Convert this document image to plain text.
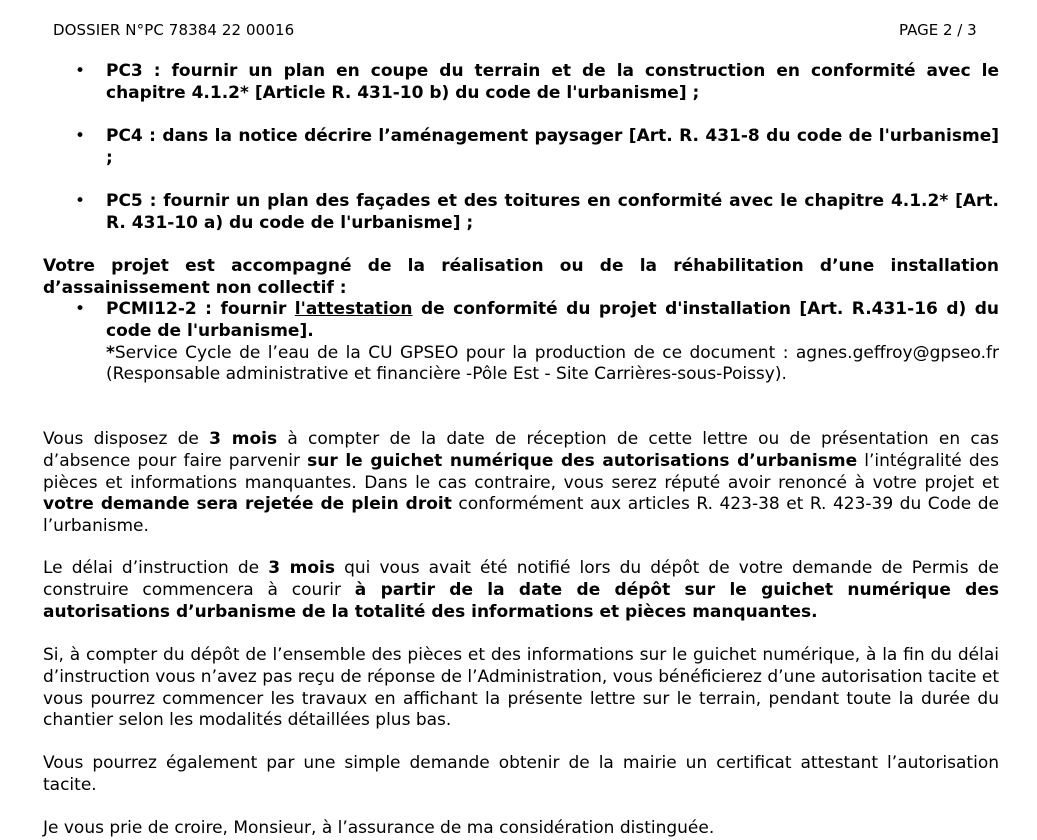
DOSSIER N°PC 78384 22 00016	PAGE 2 / 3
• PC3 : fournir un plan en coupe du terrain et de la construction en conformité avec le chapitre 4.1.2* [Article R. 431-10 b) du code de l'urbanisme] ;
• PC4 : dans la notice décrire l’aménagement paysager [Art. R. 431-8 du code de l'urbanisme] ;
• PC5 : fournir un plan des façades et des toitures en conformité avec le chapitre 4.1.2* [Art. R. 431-10 a) du code de l'urbanisme] ;
Votre projet est accompagné de la réalisation ou de la réhabilitation d’une installation d’assainissement non collectif :
• PCMI12-2 : fournir l'attestation de conformité du projet d'installation [Art. R.431-16 d) du code de l'urbanisme].
*Service Cycle de l’eau de la CU GPSEO pour la production de ce document : agnes.geffroy@gpseo.fr (Responsable administrative et financière -Pôle Est - Site Carrières-sous-Poissy).
Vous disposez de 3 mois à compter de la date de réception de cette lettre ou de présentation en cas d’absence pour faire parvenir sur le guichet numérique des autorisations d’urbanisme l’intégralité des pièces et informations manquantes. Dans le cas contraire, vous serez réputé avoir renoncé à votre projet et votre demande sera rejetée de plein droit conformément aux articles R. 423-38 et R. 423-39 du Code de l’urbanisme.
Le délai d’instruction de 3 mois qui vous avait été notifié lors du dépôt de votre demande de Permis de construire commencera à courir à partir de la date de dépôt sur le guichet numérique des autorisations d’urbanisme de la totalité des informations et pièces manquantes.
Si, à compter du dépôt de l’ensemble des pièces et des informations sur le guichet numérique, à la fin du délai d’instruction vous n’avez pas reçu de réponse de l’Administration, vous bénéficierez d’une autorisation tacite et vous pourrez commencer les travaux en affichant la présente lettre sur le terrain, pendant toute la durée du chantier selon les modalités détaillées plus bas.
Vous pourrez également par une simple demande obtenir de la mairie un certificat attestant l’autorisation tacite.
Je vous prie de croire, Monsieur, à l’assurance de ma considération distinguée.
